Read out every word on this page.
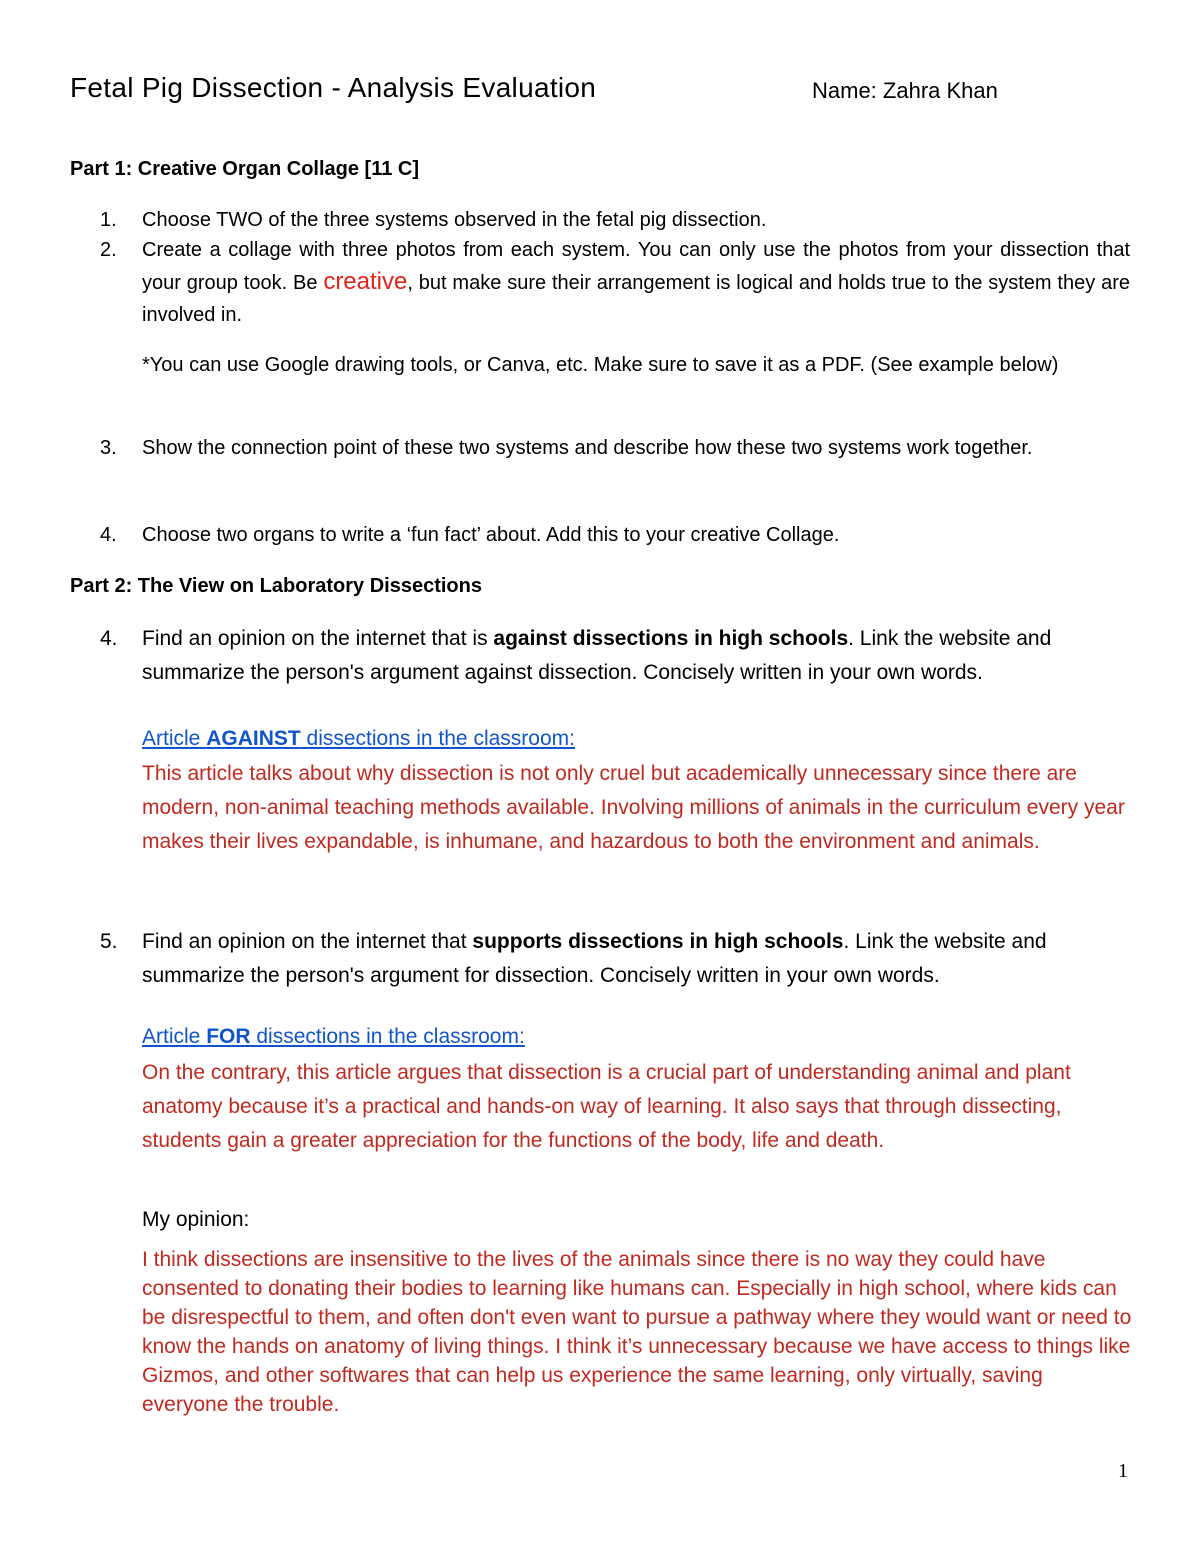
Fetal Pig Dissection - Analysis Evaluation	Name: Zahra Khan
Part 1: Creative Organ Collage [11 C]
1.	Choose TWO of the three systems observed in the fetal pig dissection.
2.	Create a collage with three photos from each system. You can only use the photos from your dissection that your group took. Be creative, but make sure their arrangement is logical and holds true to the system they are involved in.
*You can use Google drawing tools, or Canva, etc. Make sure to save it as a PDF. (See example below)
3.	Show the connection point of these two systems and describe how these two systems work together.
4.	Choose two organs to write a ‘fun fact’ about. Add this to your creative Collage.
Part 2: The View on Laboratory Dissections
4.	Find an opinion on the internet that is against dissections in high schools. Link the website and summarize the person's argument against dissection. Concisely written in your own words.
Article AGAINST dissections in the classroom:
This article talks about why dissection is not only cruel but academically unnecessary since there are modern, non-animal teaching methods available. Involving millions of animals in the curriculum every year makes their lives expandable, is inhumane, and hazardous to both the environment and animals.
5.	Find an opinion on the internet that supports dissections in high schools. Link the website and summarize the person's argument for dissection. Concisely written in your own words.
Article FOR dissections in the classroom:
On the contrary, this article argues that dissection is a crucial part of understanding animal and plant anatomy because it’s a practical and hands-on way of learning. It also says that through dissecting, students gain a greater appreciation for the functions of the body, life and death.
My opinion:
I think dissections are insensitive to the lives of the animals since there is no way they could have consented to donating their bodies to learning like humans can. Especially in high school, where kids can be disrespectful to them, and often don't even want to pursue a pathway where they would want or need to know the hands on anatomy of living things. I think it’s unnecessary because we have access to things like Gizmos, and other softwares that can help us experience the same learning, only virtually, saving everyone the trouble.
1
